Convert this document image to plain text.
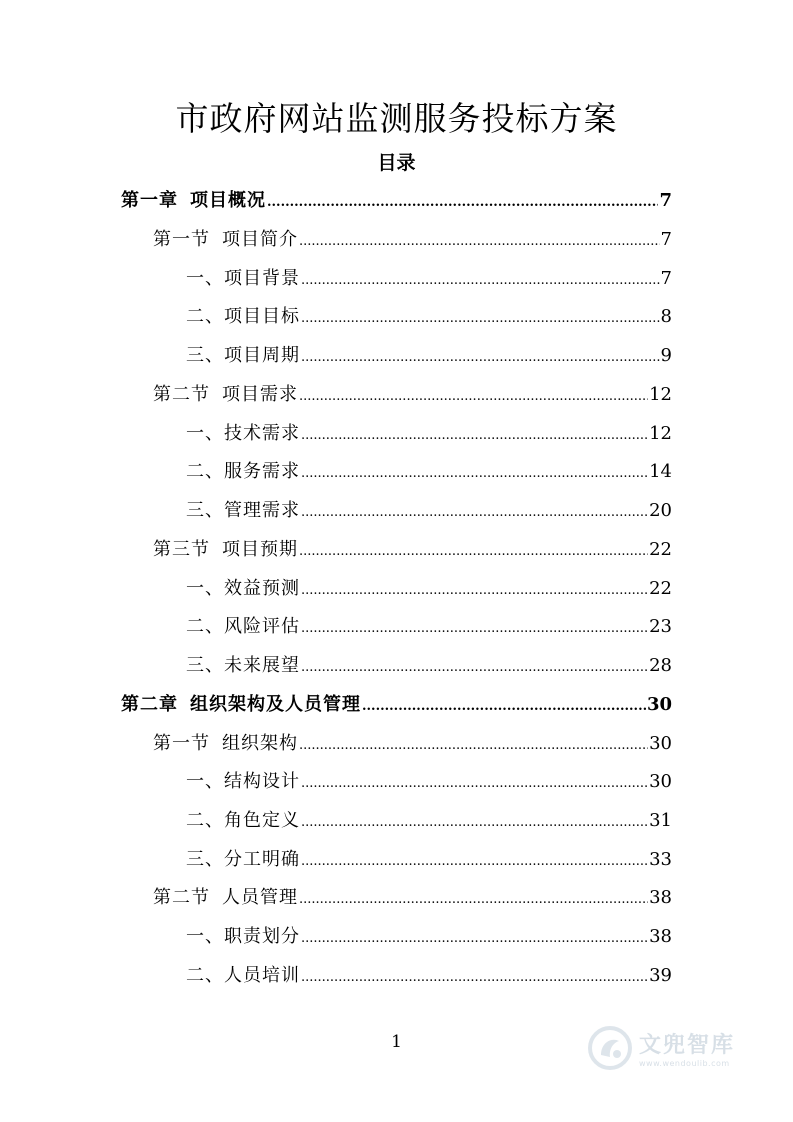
市政府网站监测服务投标方案
目录
第一章 项目概况 .....	7
第一节 项目简介 .....	7
一、项目背景 .....	7
二、项目目标 .....	8
三、项目周期 .....	9
第二节 项目需求 .....	12
一、技术需求 .....	12
二、服务需求 .....	14
三、管理需求 .....	20
第三节 项目预期 .....	22
一、效益预测 .....	22
二、风险评估 .....	23
三、未来展望 .....	28
第二章 组织架构及人员管理 .....	30
第一节 组织架构 .....	30
一、结构设计 .....	30
二、角色定义 .....	31
三、分工明确 .....	33
第二节 人员管理 .....	38
一、职责划分 .....	38
二、人员培训 .....	39
1	文兜智库
www.wendoulib.com
